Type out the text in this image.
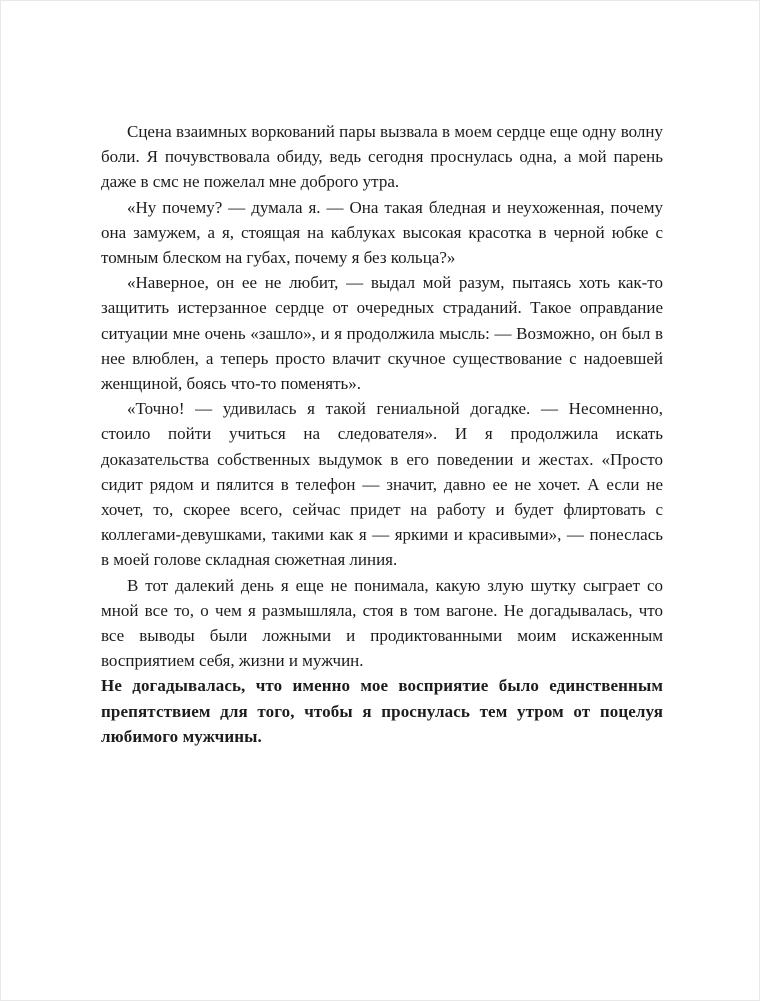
Сцена взаимных воркований пары вызвала в моем сердце еще одну волну боли. Я почувствовала обиду, ведь сегодня проснулась одна, а мой парень даже в смс не пожелал мне доброго утра.

«Ну почему? — думала я. — Она такая бледная и неухоженная, почему она замужем, а я, стоящая на каблуках высокая красотка в черной юбке с томным блеском на губах, почему я без кольца?»

«Наверное, он ее не любит, — выдал мой разум, пытаясь хоть как-то защитить истерзанное сердце от очередных страданий. Такое оправдание ситуации мне очень «зашло», и я продолжила мысль: — Возможно, он был в нее влюблен, а теперь просто влачит скучное существование с надоевшей женщиной, боясь что-то поменять».

«Точно! — удивилась я такой гениальной догадке. — Несомненно, стоило пойти учиться на следователя». И я продолжила искать доказательства собственных выдумок в его поведении и жестах. «Просто сидит рядом и пялится в телефон — значит, давно ее не хочет. А если не хочет, то, скорее всего, сейчас придет на работу и будет флиртовать с коллегами-девушками, такими как я — яркими и красивыми», — понеслась в моей голове складная сюжетная линия.

В тот далекий день я еще не понимала, какую злую шутку сыграет со мной все то, о чем я размышляла, стоя в том вагоне. Не догадывалась, что все выводы были ложными и продиктованными моим искаженным восприятием себя, жизни и мужчин.

Не догадывалась, что именно мое восприятие было единственным препятствием для того, чтобы я проснулась тем утром от поцелуя любимого мужчины.
